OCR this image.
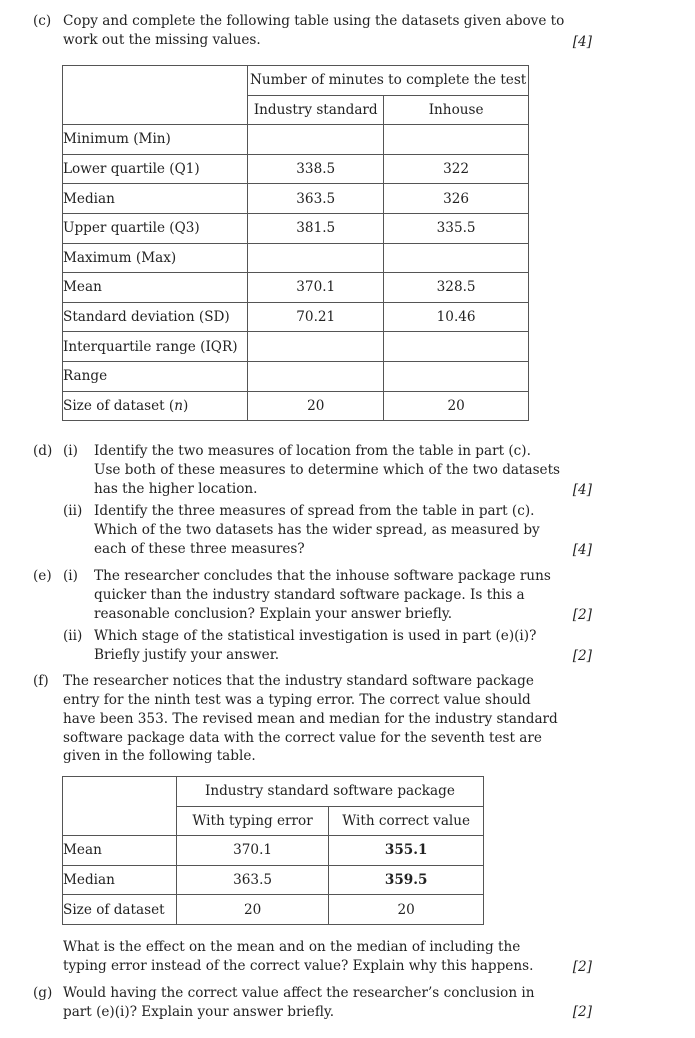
(c) Copy and complete the following table using the datasets given above to
work out the missing values.	[4]
	Number of minutes to complete the test	
	Industry standard	Inhouse
Minimum (Min)		
Lower quartile (Q1)	338.5	322
Median	363.5	326
Upper quartile (Q3)	381.5	335.5
Maximum (Max)		
Mean	370.1	328.5
Standard deviation (SD)	70.21	10.46
Interquartile range (IQR)		
Range		
Size of dataset (n)	20	20
(d) (i) Identify the two measures of location from the table in part (c).
Use both of these measures to determine which of the two datasets
has the higher location.	[4]
(ii) Identify the three measures of spread from the table in part (c).
Which of the two datasets has the wider spread, as measured by
each of these three measures?	[4]
(e) (i) The researcher concludes that the inhouse software package runs
quicker than the industry standard software package. Is this a
reasonable conclusion? Explain your answer briefly.	[2]
(ii) Which stage of the statistical investigation is used in part (e)(i)?
Briefly justify your answer.	[2]
(f) The researcher notices that the industry standard software package
entry for the ninth test was a typing error. The correct value should
have been 353. The revised mean and median for the industry standard
software package data with the correct value for the seventh test are
given in the following table.
	Industry standard software package	
	With typing error	With correct value
Mean	370.1	355.1
Median	363.5	359.5
Size of dataset	20	20
What is the effect on the mean and on the median of including the
typing error instead of the correct value? Explain why this happens.	[2]
(g) Would having the correct value affect the researcher’s conclusion in
part (e)(i)? Explain your answer briefly.	[2]
